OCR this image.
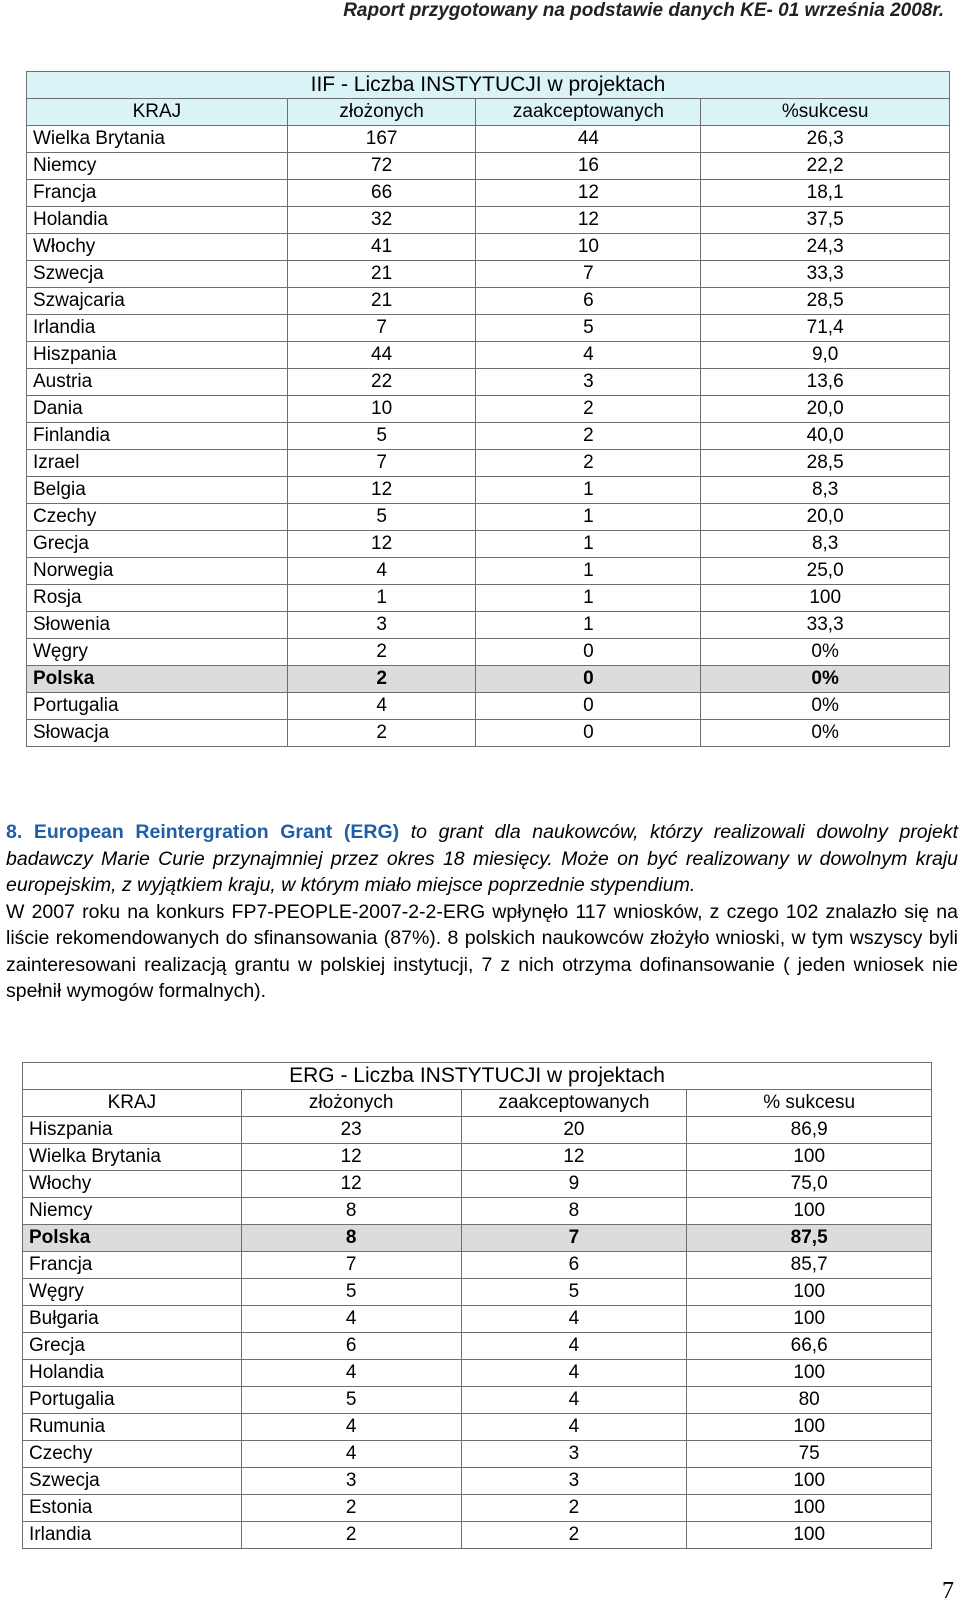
Raport przygotowany na podstawie danych KE- 01 września 2008r.
IIF - Liczba INSTYTUCJI w projektach			
KRAJ	złożonych	zaakceptowanych	%sukcesu
Wielka Brytania	167	44	26,3
Niemcy	72	16	22,2
Francja	66	12	18,1
Holandia	32	12	37,5
Włochy	41	10	24,3
Szwecja	21	7	33,3
Szwajcaria	21	6	28,5
Irlandia	7	5	71,4
Hiszpania	44	4	9,0
Austria	22	3	13,6
Dania	10	2	20,0
Finlandia	5	2	40,0
Izrael	7	2	28,5
Belgia	12	1	8,3
Czechy	5	1	20,0
Grecja	12	1	8,3
Norwegia	4	1	25,0
Rosja	1	1	100
Słowenia	3	1	33,3
Węgry	2	0	0%
Polska	2	0	0%
Portugalia	4	0	0%
Słowacja	2	0	0%

8. European Reintergration Grant (ERG) to grant dla naukowców, którzy realizowali dowolny projekt badawczy Marie Curie przynajmniej przez okres 18 miesięcy. Może on być realizowany w dowolnym kraju europejskim, z wyjątkiem kraju, w którym miało miejsce poprzednie stypendium.

W 2007 roku na konkurs FP7-PEOPLE-2007-2-2-ERG wpłynęło 117 wniosków, z czego 102 znalazło się na liście rekomendowanych do sfinansowania (87%). 8 polskich naukowców złożyło wnioski, w tym wszyscy byli zainteresowani realizacją grantu w polskiej instytucji, 7 z nich otrzyma dofinansowanie ( jeden wniosek nie spełnił wymogów formalnych).

ERG - Liczba INSTYTUCJI w projektach			
KRAJ	złożonych	zaakceptowanych	% sukcesu
Hiszpania	23	20	86,9
Wielka Brytania	12	12	100
Włochy	12	9	75,0
Niemcy	8	8	100
Polska	8	7	87,5
Francja	7	6	85,7
Węgry	5	5	100
Bułgaria	4	4	100
Grecja	6	4	66,6
Holandia	4	4	100
Portugalia	5	4	80
Rumunia	4	4	100
Czechy	4	3	75
Szwecja	3	3	100
Estonia	2	2	100
Irlandia	2	2	100
7
